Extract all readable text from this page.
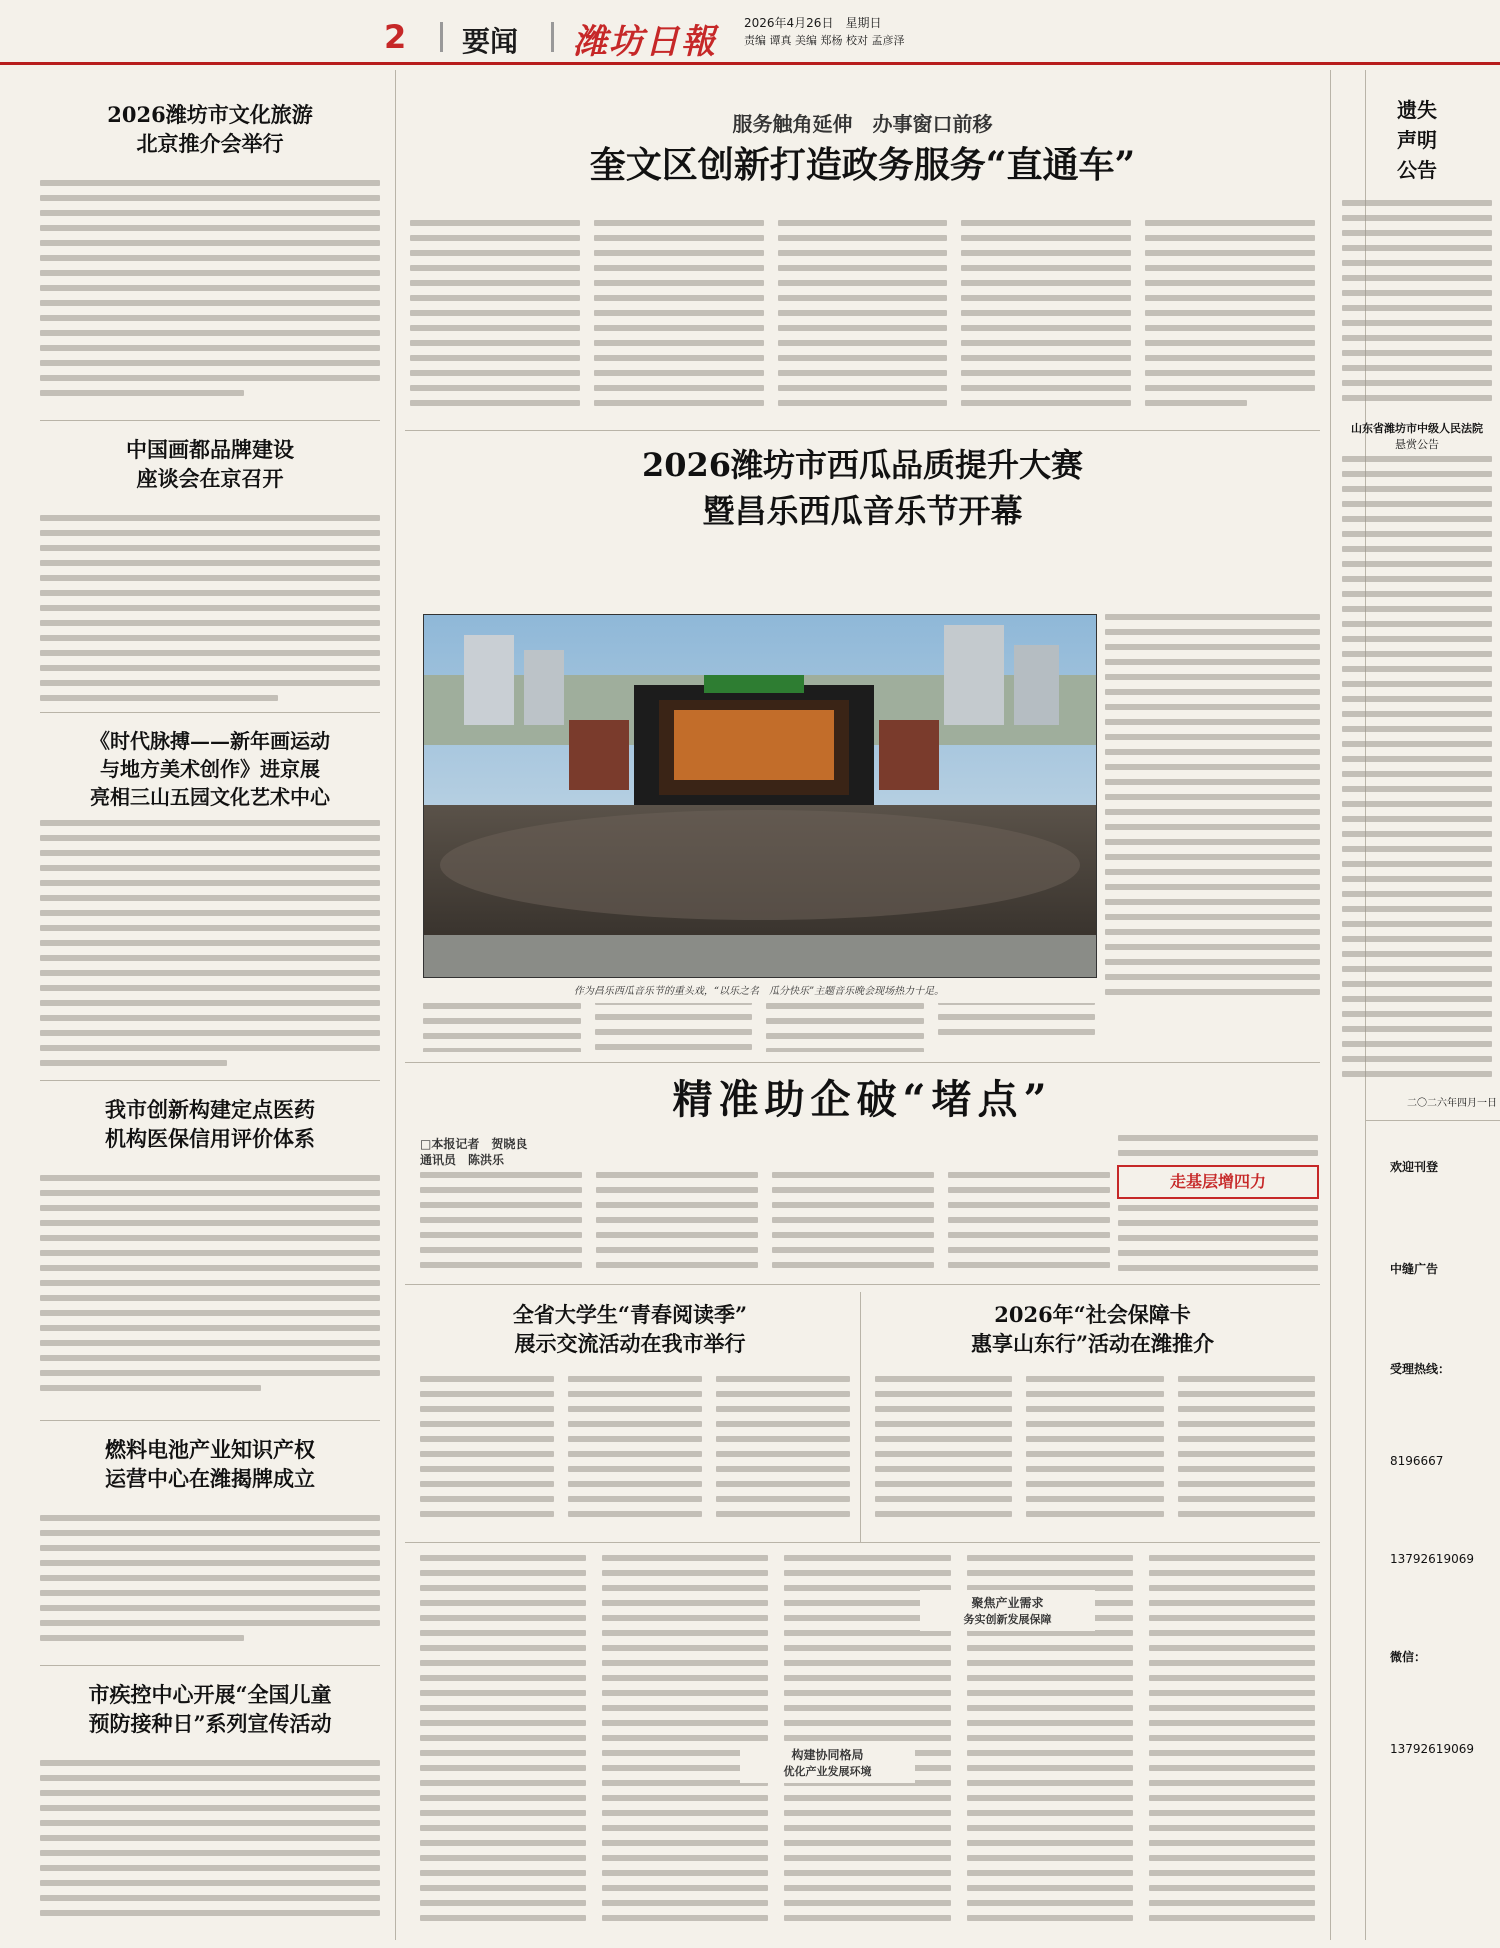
2 要闻 潍坊日報 2026年4月26日　星期日
责编 谭真 美编 郑杨 校对 孟彦泽
2026潍坊市文化旅游
北京推介会举行
中国画都品牌建设
座谈会在京召开
《时代脉搏——新年画运动
与地方美术创作》进京展
亮相三山五园文化艺术中心
我市创新构建定点医药
机构医保信用评价体系
燃料电池产业知识产权
运营中心在潍揭牌成立
市疾控中心开展“全国儿童
预防接种日”系列宣传活动
服务触角延伸　办事窗口前移
奎文区创新打造政务服务“直通车”
2026潍坊市西瓜品质提升大赛
暨昌乐西瓜音乐节开幕
作为昌乐西瓜音乐节的重头戏，“以乐之名　瓜分快乐”主题音乐晚会现场热力十足。
精准助企破“堵点”
□本报记者　贺晓良
通讯员　陈洪乐
走基层增四力
全省大学生“青春阅读季”
展示交流活动在我市举行
2026年“社会保障卡
惠享山东行”活动在潍推介
聚焦产业需求
务实创新发展保障
构建协同格局
优化产业发展环境
遗失
声明
公告
山东省潍坊市中级人民法院
悬赏公告
二〇二六年四月一日
欢迎刊登
中缝广告
受理热线：
8196667
13792619069
微信：
13792619069
